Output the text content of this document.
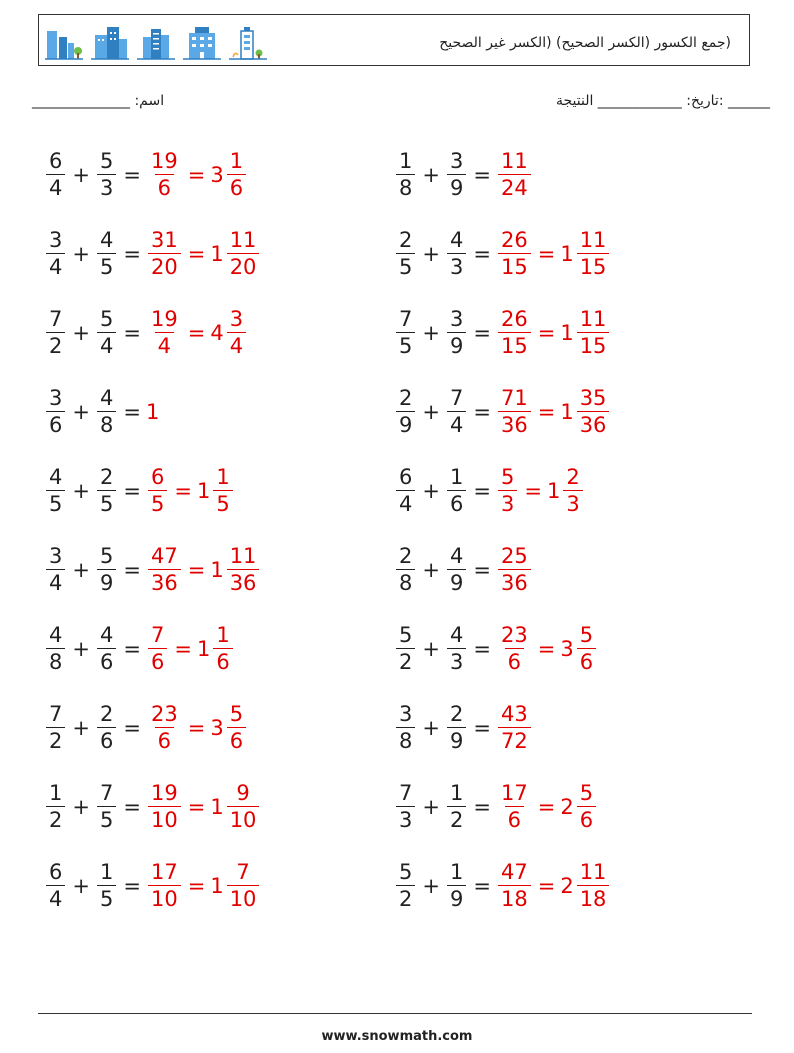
(جمع الكسور (الكسر الصحيح) (الكسر غير الصحيح
______ :تاريخ: ____________ النتيجة
اسم: ______________
$\frac{6}{4} + \frac{5}{3} = \frac{19}{6} = 3 \frac{1}{6}$
$\frac{3}{4} + \frac{4}{5} = \frac{31}{20} = 1 \frac{11}{20}$
$\frac{7}{2} + \frac{5}{4} = \frac{19}{4} = 4 \frac{3}{4}$
$\frac{3}{6} + \frac{4}{8} = 1$
$\frac{4}{5} + \frac{2}{5} = \frac{6}{5} = 1 \frac{1}{5}$
$\frac{3}{4} + \frac{5}{9} = \frac{47}{36} = 1 \frac{11}{36}$
$\frac{4}{8} + \frac{4}{6} = \frac{7}{6} = 1 \frac{1}{6}$
$\frac{7}{2} + \frac{2}{6} = \frac{23}{6} = 3 \frac{5}{6}$
$\frac{1}{2} + \frac{7}{5} = \frac{19}{10} = 1 \frac{9}{10}$
$\frac{6}{4} + \frac{1}{5} = \frac{17}{10} = 1 \frac{7}{10}$
$\frac{1}{8} + \frac{3}{9} = \frac{11}{24}$
$\frac{2}{5} + \frac{4}{3} = \frac{26}{15} = 1 \frac{11}{15}$
$\frac{7}{5} + \frac{3}{9} = \frac{26}{15} = 1 \frac{11}{15}$
$\frac{2}{9} + \frac{7}{4} = \frac{71}{36} = 1 \frac{35}{36}$
$\frac{6}{4} + \frac{1}{6} = \frac{5}{3} = 1 \frac{2}{3}$
$\frac{2}{8} + \frac{4}{9} = \frac{25}{36}$
$\frac{5}{2} + \frac{4}{3} = \frac{23}{6} = 3 \frac{5}{6}$
$\frac{3}{8} + \frac{2}{9} = \frac{43}{72}$
$\frac{7}{3} + \frac{1}{2} = \frac{17}{6} = 2 \frac{5}{6}$
$\frac{5}{2} + \frac{1}{9} = \frac{47}{18} = 2 \frac{11}{18}$
www.snowmath.com
